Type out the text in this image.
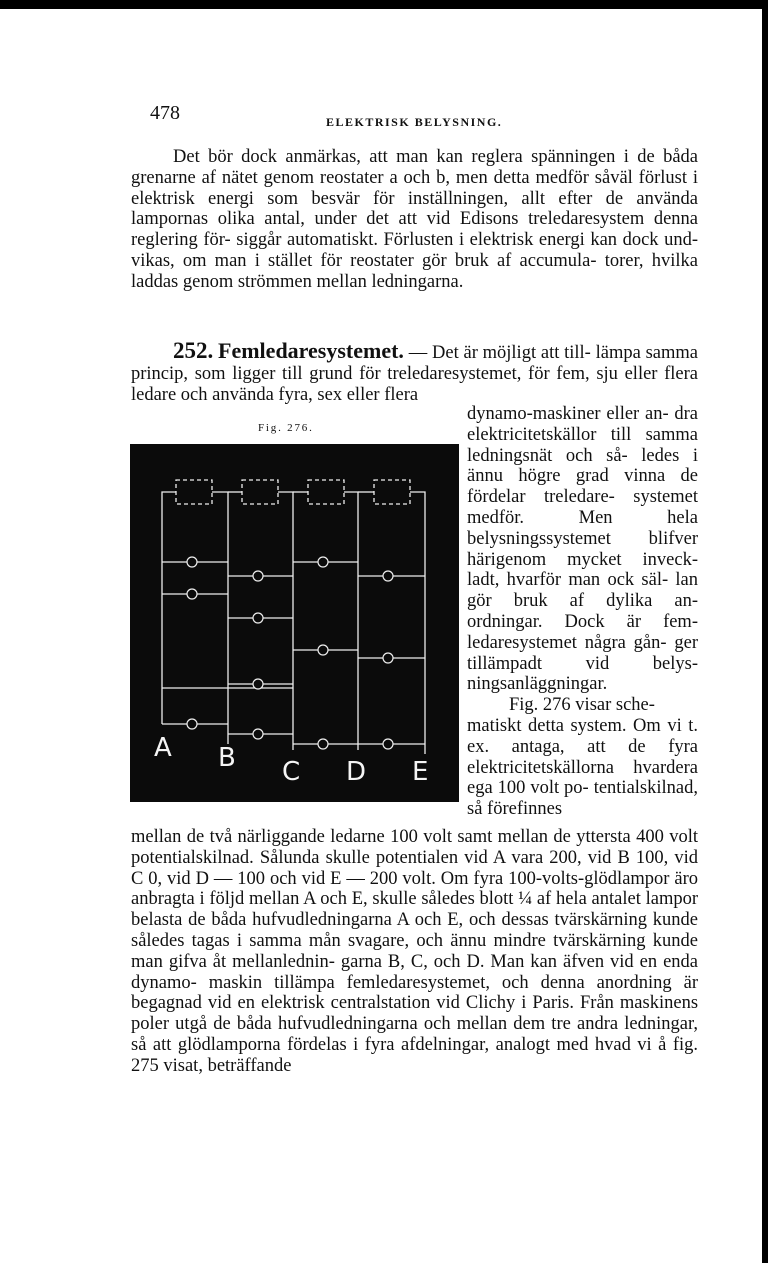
478	ELEKTRISK BELYSNING.

Det bör dock anmärkas, att man kan reglera spänningen i de båda grenarne af nätet genom reostater a och b, men detta medför såväl förlust i elektrisk energi som besvär för inställningen, allt efter de använda lampornas olika antal, under det att vid Edisons treledaresystem denna reglering för- siggår automatiskt. Förlusten i elektrisk energi kan dock und- vikas, om man i stället för reostater gör bruk af accumula- torer, hvilka laddas genom strömmen mellan ledningarna.

252. Femledaresystemet. — Det är möjligt att till- lämpa samma princip, som ligger till grund för treledaresystemet, för fem, sju eller flera ledare och använda fyra, sex eller flera

dynamo-maskiner eller an- dra elektricitetskällor till samma ledningsnät och så- ledes i ännu högre grad vinna de fördelar treledare- systemet medför. Men hela belysningssystemet blifver härigenom mycket inveck- ladt, hvarför man ock säl- lan gör bruk af dylika an- ordningar. Dock är fem- ledaresystemet några gån- ger tillämpadt vid belys- ningsanläggningar.
Fig. 276 visar sche- matiskt detta system. Om vi t. ex. antaga, att de fyra elektricitetskällorna hvardera ega 100 volt po- tentialskilnad, så förefinnes
Fig. 276.
A B C D E

mellan de två närliggande ledarne 100 volt samt mellan de yttersta 400 volt potentialskilnad. Sålunda skulle potentialen vid A vara 200, vid B 100, vid C 0, vid D — 100 och vid E — 200 volt. Om fyra 100-volts-glödlampor äro anbragta i följd mellan A och E, skulle således blott ¼ af hela antalet lampor belasta de båda hufvudledningarna A och E, och dessas tvärskärning kunde således tagas i samma mån svagare, och ännu mindre tvärskärning kunde man gifva åt mellanlednin- garna B, C, och D. Man kan äfven vid en enda dynamo- maskin tillämpa femledaresystemet, och denna anordning är begagnad vid en elektrisk centralstation vid Clichy i Paris. Från maskinens poler utgå de båda hufvudledningarna och mellan dem tre andra ledningar, så att glödlamporna fördelas i fyra afdelningar, analogt med hvad vi å fig. 275 visat, beträffande
